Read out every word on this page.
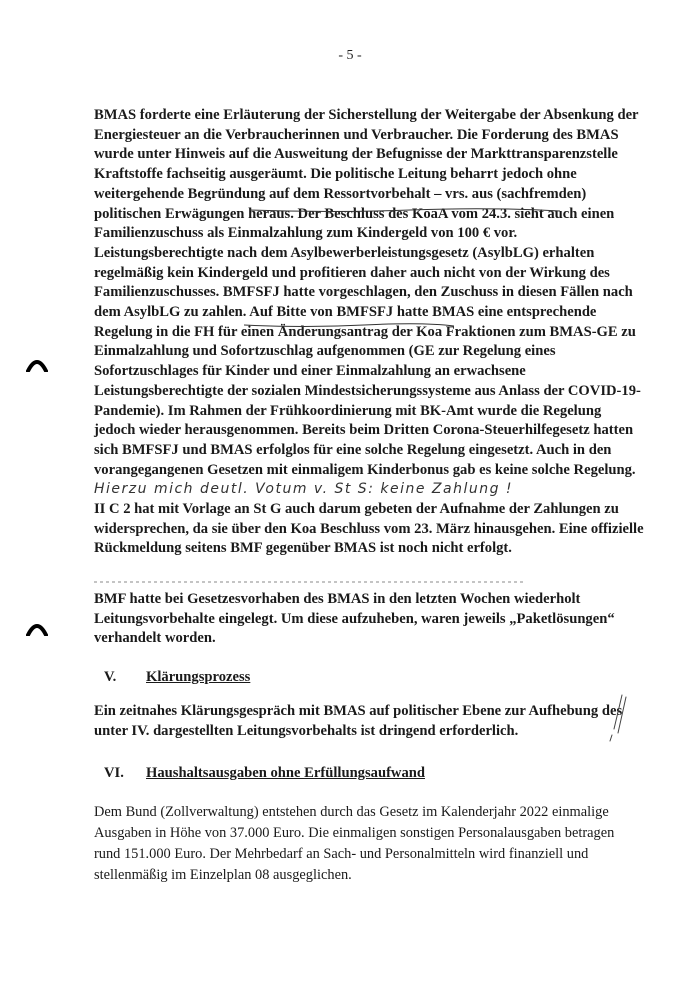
- 5 -
BMAS forderte eine Erläuterung der Sicherstellung der Weitergabe der Absenkung der
Energiesteuer an die Verbraucherinnen und Verbraucher. Die Forderung des BMAS
wurde unter Hinweis auf die Ausweitung der Befugnisse der Markttransparenzstelle
Kraftstoffe fachseitig ausgeräumt. Die politische Leitung beharrt jedoch ohne
weitergehende Begründung auf dem Ressortvorbehalt – vrs. aus (sachfremden)
politischen Erwägungen heraus. Der Beschluss des KoaA vom 24.3. sieht auch einen
Familienzuschuss als Einmalzahlung zum Kindergeld von 100 € vor.
Leistungsberechtigte nach dem Asylbewerberleistungsgesetz (AsylbLG) erhalten
regelmäßig kein Kindergeld und profitieren daher auch nicht von der Wirkung des
Familienzuschusses. BMFSFJ hatte vorgeschlagen, den Zuschuss in diesen Fällen nach
dem AsylbLG zu zahlen. Auf Bitte von BMFSFJ hatte BMAS eine entsprechende
Regelung in die FH für einen Änderungsantrag der Koa Fraktionen zum BMAS-GE zu
Einmalzahlung und Sofortzuschlag aufgenommen (GE zur Regelung eines
Sofortzuschlages für Kinder und einer Einmalzahlung an erwachsene
Leistungsberechtigte der sozialen Mindestsicherungssysteme aus Anlass der COVID-19-
Pandemie). Im Rahmen der Frühkoordinierung mit BK-Amt wurde die Regelung
jedoch wieder herausgenommen. Bereits beim Dritten Corona-Steuerhilfegesetz hatten
sich BMFSFJ und BMAS erfolglos für eine solche Regelung eingesetzt. Auch in den
vorangegangenen Gesetzen mit einmaligem Kinderbonus gab es keine solche Regelung.
Hierzu mich deutl. Votum v. St S: keine Zahlung !
II C 2 hat mit Vorlage an St G auch darum gebeten der Aufnahme der Zahlungen zu
widersprechen, da sie über den Koa Beschluss vom 23. März hinausgehen. Eine offizielle
Rückmeldung seitens BMF gegenüber BMAS ist noch nicht erfolgt.
BMF hatte bei Gesetzesvorhaben des BMAS in den letzten Wochen wiederholt
Leitungsvorbehalte eingelegt. Um diese aufzuheben, waren jeweils „Paketlösungen“
verhandelt worden.
V. Klärungsprozess
Ein zeitnahes Klärungsgespräch mit BMAS auf politischer Ebene zur Aufhebung des
unter IV. dargestellten Leitungsvorbehalts ist dringend erforderlich.
VI. Haushaltsausgaben ohne Erfüllungsaufwand
Dem Bund (Zollverwaltung) entstehen durch das Gesetz im Kalenderjahr 2022 einmalige
Ausgaben in Höhe von 37.000 Euro. Die einmaligen sonstigen Personalausgaben betragen
rund 151.000 Euro. Der Mehrbedarf an Sach- und Personalmitteln wird finanziell und
stellenmäßig im Einzelplan 08 ausgeglichen.
